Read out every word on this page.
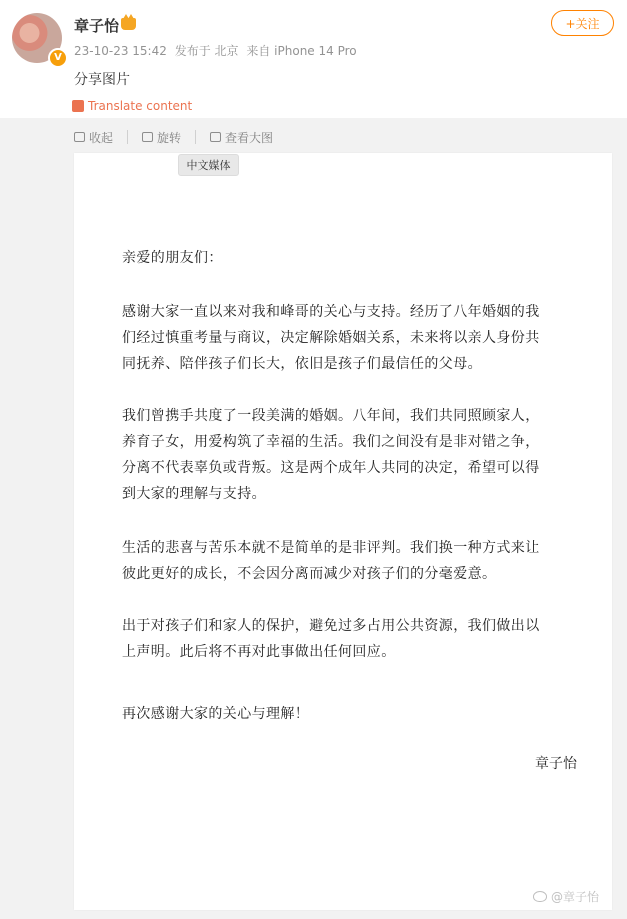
V
章子怡
23-10-23 15:42 发布于 北京 来自 iPhone 14 Pro
+关注
分享图片
Translate content
收起	旋转	查看大图

亲爱的朋友们：

感谢大家一直以来对我和峰哥的关心与支持。经历了八年婚姻的我们经过慎重考量与商议，决定解除婚姻关系，未来将以亲人身份共同抚养、陪伴孩子们长大，依旧是孩子们最信任的父母。

我们曾携手共度了一段美满的婚姻。八年间，我们共同照顾家人，养育子女，用爱构筑了幸福的生活。我们之间没有是非对错之争，分离不代表辜负或背叛。这是两个成年人共同的决定，希望可以得到大家的理解与支持。

生活的悲喜与苦乐本就不是简单的是非评判。我们换一种方式来让彼此更好的成长，不会因分离而减少对孩子们的分毫爱意。

出于对孩子们和家人的保护，避免过多占用公共资源，我们做出以上声明。此后将不再对此事做出任何回应。

再次感谢大家的关心与理解！

章子怡
@章子怡
中文媒体
